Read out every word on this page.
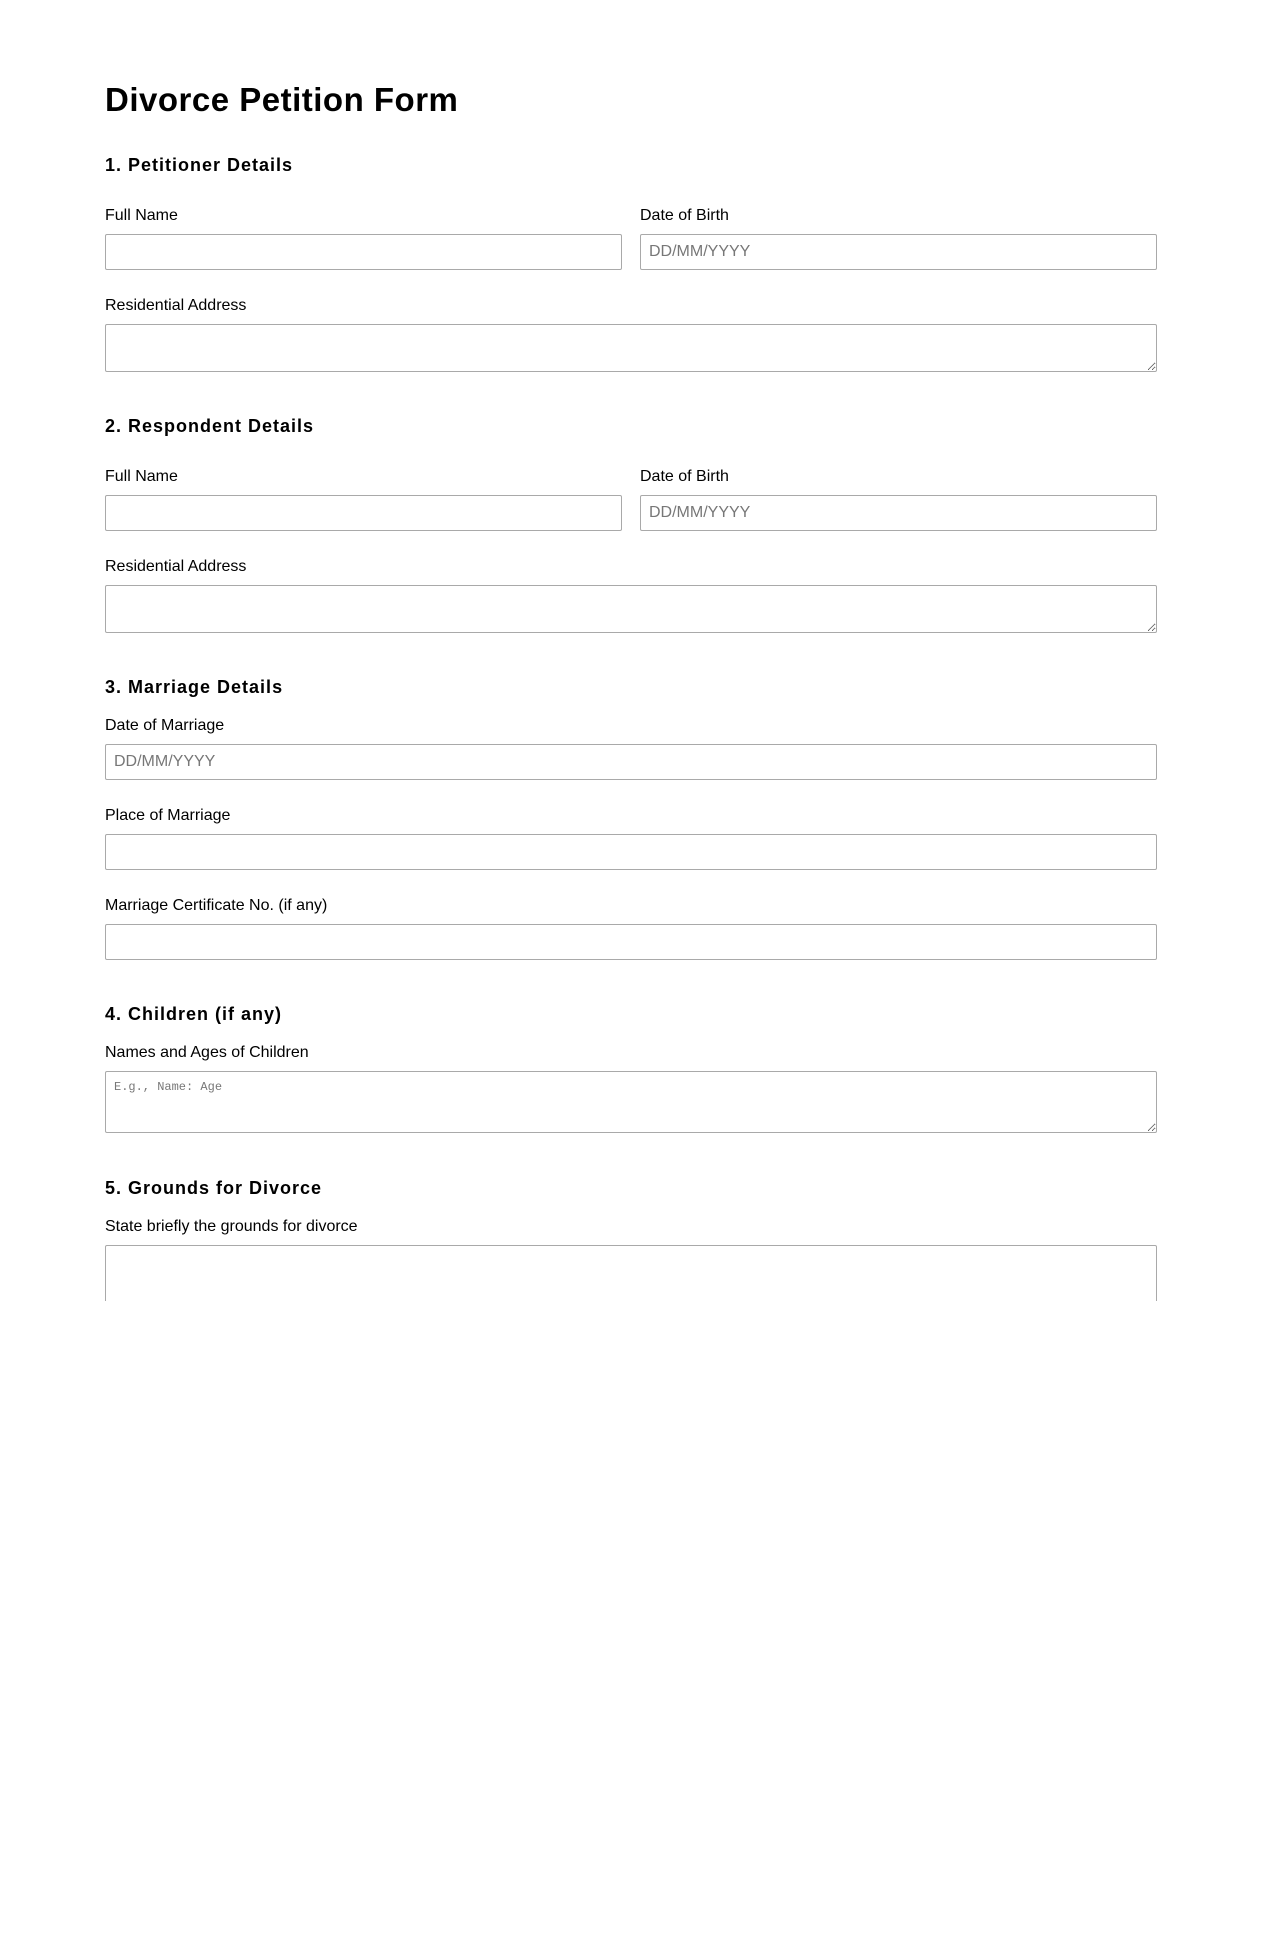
Divorce Petition Form
1. Petitioner Details
Full Name	Date of Birth
DD/MM/YYYY
Residential Address
2. Respondent Details
Full Name	Date of Birth
DD/MM/YYYY
Residential Address
3. Marriage Details
Date of Marriage
DD/MM/YYYY
Place of Marriage
Marriage Certificate No. (if any)
4. Children (if any)
Names and Ages of Children
E.g., Name: Age
5. Grounds for Divorce
State briefly the grounds for divorce
